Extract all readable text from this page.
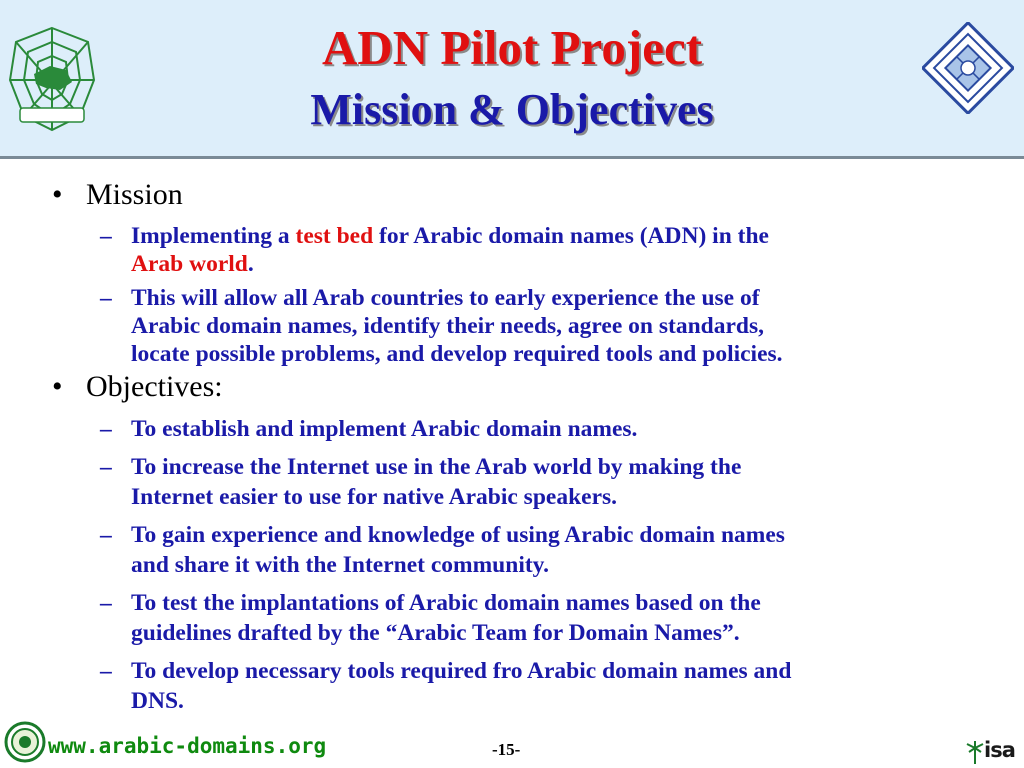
ADN Pilot Project
Mission & Objectives
• Mission
– Implementing a test bed for Arabic domain names (ADN) in the
Arab world.
– This will allow all Arab countries to early experience the use of
Arabic domain names, identify their needs, agree on standards,
locate possible problems, and develop required tools and policies.
• Objectives:
– To establish and implement Arabic domain names.
– To increase the Internet use in the Arab world by making the
Internet easier to use for native Arabic speakers.
– To gain experience and knowledge of using Arabic domain names
and share it with the Internet community.
– To test the implantations of Arabic domain names based on the
guidelines drafted by the “Arabic Team for Domain Names”.
– To develop necessary tools required fro Arabic domain names and
DNS.
www.arabic-domains.org	-15-	isa
